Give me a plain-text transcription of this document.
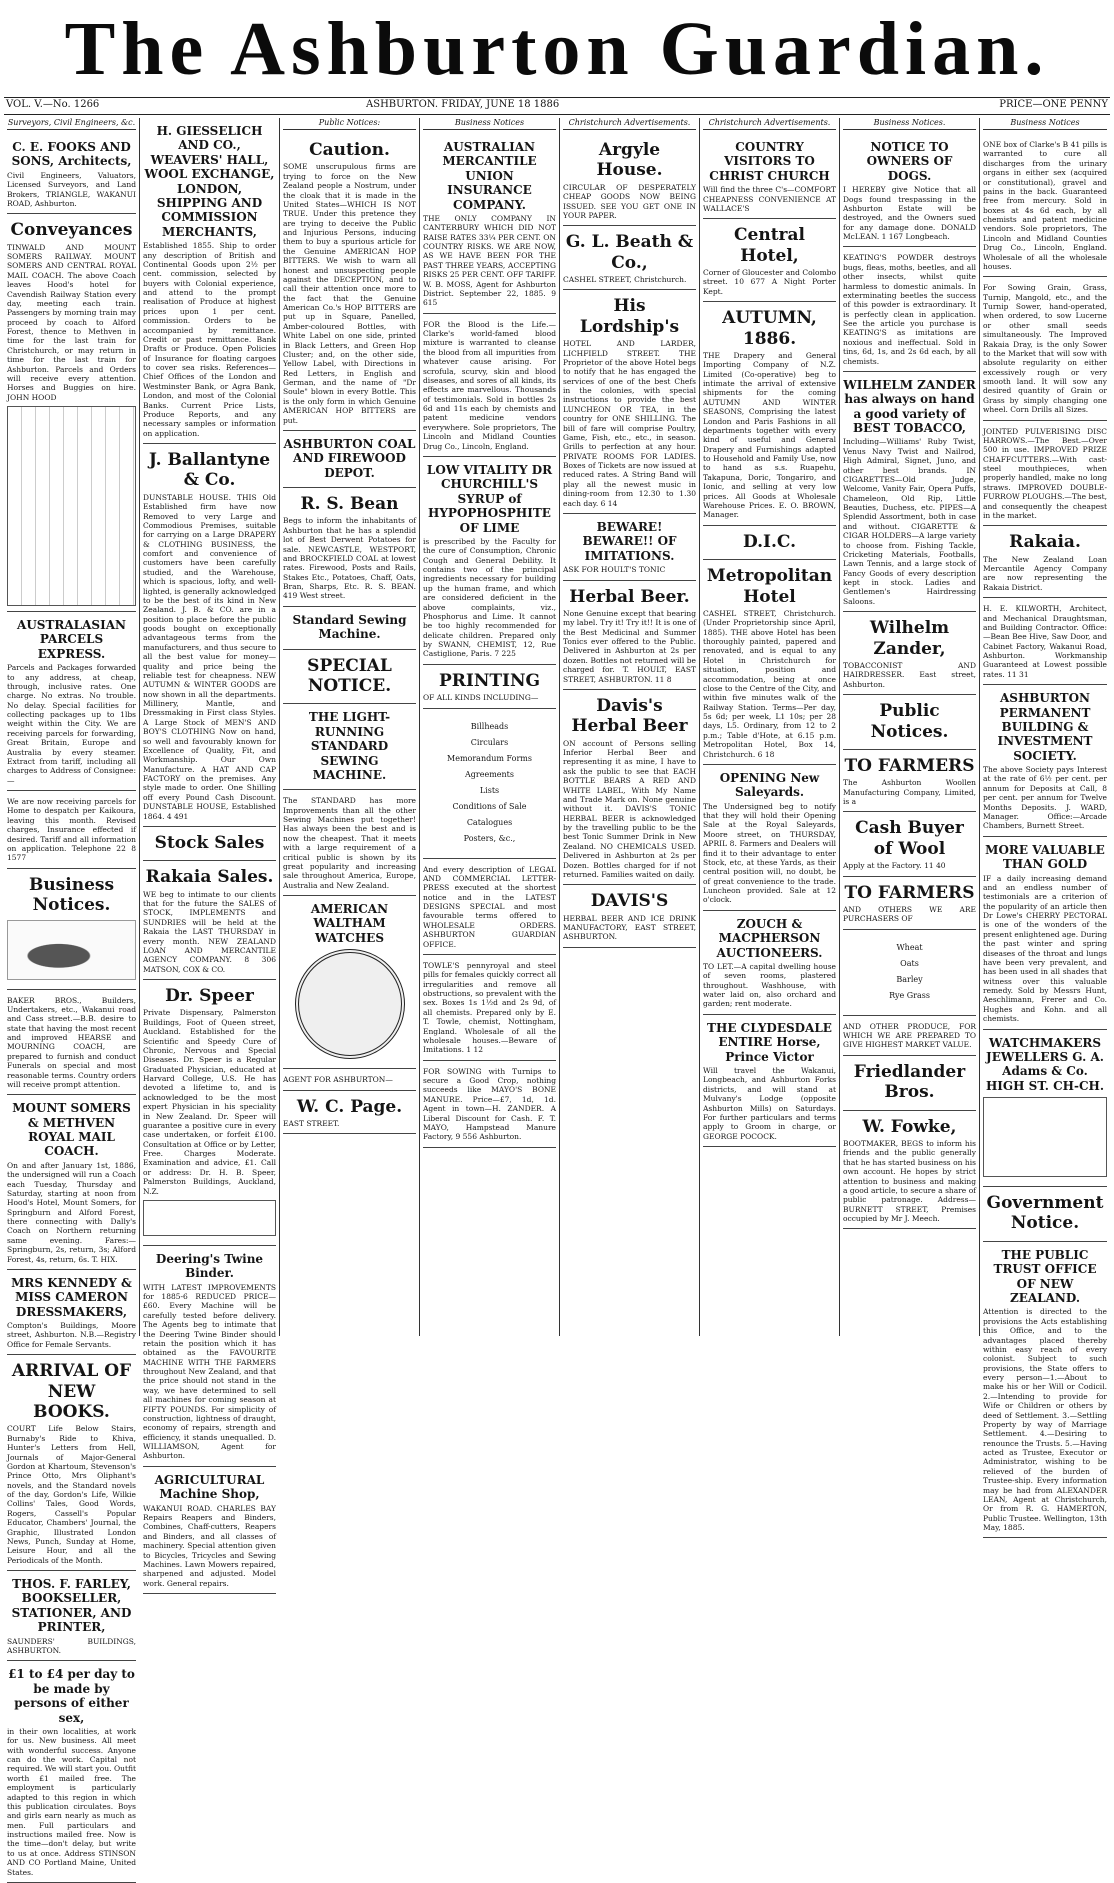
The Ashburton Guardian.
VOL. V.—No. 1266	ASHBURTON. FRIDAY, JUNE 18 1886	PRICE—ONE PENNY
Surveyors, Civil Engineers, &c.
C. E. FOOKS AND SONS, Architects,
Civil Engineers, Valuators, Licensed Surveyors, and Land Brokers, TRIANGLE, WAKANUI ROAD, Ashburton.
Conveyances
TINWALD AND MOUNT SOMERS RAILWAY. MOUNT SOMERS AND CENTRAL ROYAL MAIL COACH. The above Coach leaves Hood's hotel for Cavendish Railway Station every day, meeting each train. Passengers by morning train may proceed by coach to Alford Forest, thence to Methven in time for the last train for Christchurch, or may return in time for the last train for Ashburton. Parcels and Orders will receive every attention. Horses and Buggies on hire. JOHN HOOD
AUSTRALASIAN PARCELS EXPRESS.
Parcels and Packages forwarded to any address, at cheap, through, inclusive rates. One charge. No extras. No trouble. No delay. Special facilities for collecting packages up to 1lbs weight within the City. We are receiving parcels for forwarding, Great Britain, Europe and Australia by every steamer. Extract from tariff, including all charges to Address of Consignee:—
We are now receiving parcels for Home to despatch per Kaikoura, leaving this month. Revised charges, Insurance effected if desired. Tariff and all information on application. Telephone 22 8 1577
Business Notices.
BAKER BROS., Builders, Undertakers, etc., Wakanui road and Cass street.—B.B. desire to state that having the most recent and improved HEARSE and MOURNING COACH, are prepared to furnish and conduct Funerals on special and most reasonable terms. Country orders will receive prompt attention.
MOUNT SOMERS & METHVEN ROYAL MAIL COACH.
On and after January 1st, 1886, the undersigned will run a Coach each Tuesday, Thursday and Saturday, starting at noon from Hood's Hotel, Mount Somers, for Springburn and Alford Forest, there connecting with Dally's Coach on Northern returning same evening. Fares:—Springburn, 2s, return, 3s; Alford Forest, 4s, return, 6s. T. HIX.
MRS KENNEDY & MISS CAMERON DRESSMAKERS,
Compton's Buildings, Moore street, Ashburton. N.B.—Registry Office for Female Servants.
ARRIVAL OF NEW BOOKS.
COURT Life Below Stairs, Burnaby's Ride to Khiva, Hunter's Letters from Hell, Journals of Major-General Gordon at Khartoum, Stevenson's Prince Otto, Mrs Oliphant's novels, and the Standard novels of the day, Gordon's Life, Wilkie Collins' Tales, Good Words, Rogers, Cassell's Popular Educator, Chambers' Journal, the Graphic, Illustrated London News, Punch, Sunday at Home, Leisure Hour, and all the Periodicals of the Month.
THOS. F. FARLEY, BOOKSELLER, STATIONER, AND PRINTER,
SAUNDERS' BUILDINGS, ASHBURTON.
£1 to £4 per day to be made by persons of either sex,
in their own localities, at work for us. New business. All meet with wonderful success. Anyone can do the work. Capital not required. We will start you. Outfit worth £1 mailed free. The employment is particularly adapted to this region in which this publication circulates. Boys and girls earn nearly as much as men. Full particulars and instructions mailed free. Now is the time—don't delay, but write to us at once. Address STINSON AND CO Portland Maine, United States.
H. GIESSELICH AND CO., WEAVERS' HALL, WOOL EXCHANGE, LONDON, SHIPPING AND COMMISSION MERCHANTS,
Established 1855. Ship to order any description of British and Continental Goods upon 2½ per cent. commission, selected by buyers with Colonial experience, and attend to the prompt realisation of Produce at highest prices upon 1 per cent. commission. Orders to be accompanied by remittance. Credit or past remittance. Bank Drafts or Produce. Open Policies of Insurance for floating cargoes to cover sea risks. References—Chief Offices of the London and Westminster Bank, or Agra Bank, London, and most of the Colonial Banks. Current Price Lists, Produce Reports, and any necessary samples or information on application.
J. Ballantyne & Co.
DUNSTABLE HOUSE. THIS Old Established firm have now Removed to very Large and Commodious Premises, suitable for carrying on a Large DRAPERY & CLOTHING BUSINESS, the comfort and convenience of customers have been carefully studied, and the Warehouse, which is spacious, lofty, and well-lighted, is generally acknowledged to be the best of its kind in New Zealand. J. B. & CO. are in a position to place before the public goods bought on exceptionally advantageous terms from the manufacturers, and thus secure to all the best value for money—quality and price being the reliable test for cheapness. NEW AUTUMN & WINTER GOODS are now shown in all the departments. Millinery, Mantle, and Dressmaking in First class Styles. A Large Stock of MEN'S AND BOY'S CLOTHING Now on hand, so well and favourably known for Excellence of Quality, Fit, and Workmanship. Our Own Manufacture. A HAT AND CAP FACTORY on the premises. Any style made to order. One Shilling off every Pound Cash Discount. DUNSTABLE HOUSE, Established 1864. 4 491
Stock Sales
Rakaia Sales.
WE beg to intimate to our clients that for the future the SALES of STOCK, IMPLEMENTS and SUNDRIES will be held at the Rakaia the LAST THURSDAY in every month. NEW ZEALAND LOAN AND MERCANTILE AGENCY COMPANY. 8 306 MATSON, COX & CO.
Dr. Speer
Private Dispensary, Palmerston Buildings, Foot of Queen street, Auckland. Established for the Scientific and Speedy Cure of Chronic, Nervous and Special Diseases. Dr. Speer is a Regular Graduated Physician, educated at Harvard College, U.S. He has devoted a lifetime to, and is acknowledged to be the most expert Physician in his speciality in New Zealand. Dr. Speer will guarantee a positive cure in every case undertaken, or forfeit £100. Consultation at Office or by Letter, Free. Charges Moderate. Examination and advice, £1. Call or address: Dr. H. B. Speer, Palmerston Buildings, Auckland, N.Z.
Deering's Twine Binder.
WITH LATEST IMPROVEMENTS for 1885-6 REDUCED PRICE—£60. Every Machine will be carefully tested before delivery. The Agents beg to intimate that the Deering Twine Binder should retain the position which it has obtained as the FAVOURITE MACHINE WITH THE FARMERS throughout New Zealand, and that the price should not stand in the way, we have determined to sell all machines for coming season at FIFTY POUNDS. For simplicity of construction, lightness of draught, economy of repairs, strength and efficiency, it stands unequalled. D. WILLIAMSON, Agent for Ashburton.
AGRICULTURAL Machine Shop,
WAKANUI ROAD. CHARLES BAY Repairs Reapers and Binders, Combines, Chaff-cutters, Reapers and Binders, and all classes of machinery. Special attention given to Bicycles, Tricycles and Sewing Machines. Lawn Mowers repaired, sharpened and adjusted. Model work. General repairs.
Public Notices:
Caution.
SOME unscrupulous firms are trying to force on the New Zealand people a Nostrum, under the cloak that it is made in the United States—WHICH IS NOT TRUE. Under this pretence they are trying to deceive the Public and Injurious Persons, inducing them to buy a spurious article for the Genuine AMERICAN HOP BITTERS. We wish to warn all honest and unsuspecting people against the DECEPTION, and to call their attention once more to the fact that the Genuine American Co.'s HOP BITTERS are put up in Square, Panelled, Amber-coloured Bottles, with White Label on one side, printed in Black Letters, and Green Hop Cluster; and, on the other side, Yellow Label, with Directions in Red Letters, in English and German, and the name of "Dr Soule" blown in every Bottle. This is the only form in which Genuine AMERICAN HOP BITTERS are put.
ASHBURTON COAL AND FIREWOOD DEPOT.
R. S. Bean
Begs to inform the inhabitants of Ashburton that he has a splendid lot of Best Derwent Potatoes for sale. NEWCASTLE, WESTPORT, and BROCKFIELD COAL at lowest rates. Firewood, Posts and Rails, Stakes Etc., Potatoes, Chaff, Oats, Bran, Sharps, Etc. R. S. BEAN. 419 West street.
Standard Sewing Machine.
SPECIAL NOTICE.
THE LIGHT-RUNNING STANDARD SEWING MACHINE.
The STANDARD has more Improvements than all the other Sewing Machines put together! Has always been the best and is now the cheapest. That it meets with a large requirement of a critical public is shown by its great popularity and increasing sale throughout America, Europe, Australia and New Zealand.
AMERICAN WALTHAM WATCHES
AGENT FOR ASHBURTON—
W. C. Page.
EAST STREET.
Business Notices
AUSTRALIAN MERCANTILE UNION INSURANCE COMPANY.
THE ONLY COMPANY IN CANTERBURY WHICH DID NOT RAISE RATES 33¼ PER CENT. ON COUNTRY RISKS. WE ARE NOW, AS WE HAVE BEEN FOR THE PAST THREE YEARS, ACCEPTING RISKS 25 PER CENT. OFF TARIFF. W. B. MOSS, Agent for Ashburton District. September 22, 1885. 9 615
FOR the Blood is the Life.—Clarke's world-famed blood mixture is warranted to cleanse the blood from all impurities from whatever cause arising. For scrofula, scurvy, skin and blood diseases, and sores of all kinds, its effects are marvellous. Thousands of testimonials. Sold in bottles 2s 6d and 11s each by chemists and patent medicine vendors everywhere. Sole proprietors, The Lincoln and Midland Counties Drug Co., Lincoln, England.
LOW VITALITY DR CHURCHILL'S SYRUP of HYPOPHOSPHITE OF LIME
is prescribed by the Faculty for the cure of Consumption, Chronic Cough and General Debility. It contains two of the principal ingredients necessary for building up the human frame, and which are considered deficient in the above complaints, viz., Phosphorus and Lime. It cannot be too highly recommended for delicate children. Prepared only by SWANN, CHEMIST, 12, Rue Castiglione, Paris. 7 225
PRINTING
OF ALL KINDS INCLUDING—
Billheads
Circulars
Memorandum Forms
Agreements
Lists
Conditions of Sale
Catalogues
Posters, &c.,
And every description of LEGAL AND COMMERCIAL LETTER-PRESS executed at the shortest notice and in the LATEST DESIGNS SPECIAL and most favourable terms offered to WHOLESALE ORDERS. ASHBURTON GUARDIAN OFFICE.
TOWLE'S pennyroyal and steel pills for females quickly correct all irregularities and remove all obstructions, so prevalent with the sex. Boxes 1s 1½d and 2s 9d, of all chemists. Prepared only by E. T. Towle, chemist, Nottingham, England. Wholesale of all the wholesale houses.—Beware of Imitations. 1 12
FOR SOWING with Turnips to secure a Good Crop, nothing succeeds like MAYO'S BONE MANURE. Price—£7, 1d, 1d. Agent in town—H. ZANDER. A Liberal Discount for Cash. F. T. MAYO, Hampstead Manure Factory, 9 556 Ashburton.
Christchurch Advertisements.
Argyle House.
CIRCULAR OF DESPERATELY CHEAP GOODS NOW BEING ISSUED. SEE YOU GET ONE IN YOUR PAPER.
G. L. Beath & Co.,
CASHEL STREET, Christchurch.
His Lordship's
HOTEL AND LARDER, LICHFIELD STREET. THE Proprietor of the above Hotel begs to notify that he has engaged the services of one of the best Chefs in the colonies, with special instructions to provide the best LUNCHEON OR TEA, in the country for ONE SHILLING. The bill of fare will comprise Poultry, Game, Fish, etc., etc., in season. Grills to perfection at any hour. PRIVATE ROOMS FOR LADIES. Boxes of Tickets are now issued at reduced rates. A String Band will play all the newest music in dining-room from 12.30 to 1.30 each day. 6 14
BEWARE! BEWARE!! OF IMITATIONS.
ASK FOR HOULT'S TONIC
Herbal Beer.
None Genuine except that bearing my label. Try it! Try it!! It is one of the Best Medicinal and Summer Tonics ever offered to the Public. Delivered in Ashburton at 2s per dozen. Bottles not returned will be charged for. T. HOULT, EAST STREET, ASHBURTON. 11 8
Davis's Herbal Beer
ON account of Persons selling Inferior Herbal Beer and representing it as mine, I have to ask the public to see that EACH BOTTLE BEARS A RED AND WHITE LABEL, With My Name and Trade Mark on. None genuine without it. DAVIS'S TONIC HERBAL BEER is acknowledged by the travelling public to be the best Tonic Summer Drink in New Zealand. NO CHEMICALS USED. Delivered in Ashburton at 2s per Dozen. Bottles charged for if not returned. Families waited on daily.
DAVIS'S
HERBAL BEER AND ICE DRINK MANUFACTORY, EAST STREET, ASHBURTON.
Christchurch Advertisements.
COUNTRY VISITORS TO CHRIST CHURCH
Will find the three C's—COMFORT CHEAPNESS CONVENIENCE AT WALLACE'S
Central Hotel,
Corner of Gloucester and Colombo street. 10 677 A Night Porter Kept.
AUTUMN, 1886.
THE Drapery and General Importing Company of N.Z. Limited (Co-operative) beg to intimate the arrival of extensive shipments for the coming AUTUMN AND WINTER SEASONS, Comprising the latest London and Paris Fashions in all departments together with every kind of useful and General Drapery and Furnishings adapted to Household and Family Use, now to hand as s.s. Ruapehu, Takapuna, Doric, Tongariro, and Ionic, and selling at very low prices. All Goods at Wholesale Warehouse Prices. E. O. BROWN, Manager.
D.I.C.
Metropolitan Hotel
CASHEL STREET, Christchurch. (Under Proprietorship since April, 1885). THE above Hotel has been thoroughly painted, papered and renovated, and is equal to any Hotel in Christchurch for situation, position and accommodation, being at once close to the Centre of the City, and within five minutes walk of the Railway Station. Terms—Per day, 5s 6d; per week, L1 10s; per 28 days, L5. Ordinary, from 12 to 2 p.m.; Table d'Hote, at 6.15 p.m. Metropolitan Hotel, Box 14, Christchurch. 6 18
OPENING New Saleyards.
The Undersigned beg to notify that they will hold their Opening Sale at the Royal Saleyards, Moore street, on THURSDAY, APRIL 8. Farmers and Dealers will find it to their advantage to enter Stock, etc, at these Yards, as their central position will, no doubt, be of great convenience to the trade. Luncheon provided. Sale at 12 o'clock.
ZOUCH & MACPHERSON AUCTIONEERS.
TO LET.—A capital dwelling house of seven rooms, plastered throughout. Washhouse, with water laid on, also orchard and garden; rent moderate.
THE CLYDESDALE ENTIRE Horse, Prince Victor
Will travel the Wakanui, Longbeach, and Ashburton Forks districts, and will stand at Mulvany's Lodge (opposite Ashburton Mills) on Saturdays. For further particulars and terms apply to Groom in charge, or GEORGE POCOCK.
Business Notices.
NOTICE TO OWNERS OF DOGS.
I HEREBY give Notice that all Dogs found trespassing in the Ashburton Estate will be destroyed, and the Owners sued for any damage done. DONALD McLEAN. 1 167 Longbeach.
KEATING'S POWDER destroys bugs, fleas, moths, beetles, and all other insects, whilst quite harmless to domestic animals. In exterminating beetles the success of this powder is extraordinary. It is perfectly clean in application. See the article you purchase is KEATING'S as imitations are noxious and ineffectual. Sold in tins, 6d, 1s, and 2s 6d each, by all chemists.
WILHELM ZANDER has always on hand a good variety of BEST TOBACCO,
Including—Williams' Ruby Twist, Venus Navy Twist and Nailrod, High Admiral, Signet, Juno, and other best brands. IN CIGARETTES—Old Judge, Welcome, Vanity Fair, Opera Puffs, Chameleon, Old Rip, Little Beauties, Duchess, etc. PIPES—A Splendid Assortment, both in case and without. CIGARETTE & CIGAR HOLDERS—A large variety to choose from. Fishing Tackle, Cricketing Materials, Footballs, Lawn Tennis, and a large stock of Fancy Goods of every description kept in stock. Ladies and Gentlemen's Hairdressing Saloons.
Wilhelm Zander,
TOBACCONIST AND HAIRDRESSER. East street, Ashburton.
Public Notices.
TO FARMERS
The Ashburton Woollen Manufacturing Company, Limited, is a
Cash Buyer of Wool
Apply at the Factory. 11 40
TO FARMERS
AND OTHERS WE ARE PURCHASERS OF
Wheat
Oats
Barley
Rye Grass
AND OTHER PRODUCE, FOR WHICH WE ARE PREPARED TO GIVE HIGHEST MARKET VALUE.
Friedlander Bros.
W. Fowke,
BOOTMAKER, BEGS to inform his friends and the public generally that he has started business on his own account. He hopes by strict attention to business and making a good article, to secure a share of public patronage. Address—BURNETT STREET, Premises occupied by Mr J. Meech.
Business Notices
ONE box of Clarke's B 41 pills is warranted to cure all discharges from the urinary organs in either sex (acquired or constitutional), gravel and pains in the back. Guaranteed free from mercury. Sold in boxes at 4s 6d each, by all chemists and patent medicine vendors. Sole proprietors, The Lincoln and Midland Counties Drug Co., Lincoln, England. Wholesale of all the wholesale houses.
For Sowing Grain, Grass, Turnip, Mangold, etc., and the Turnip Sower, hand-operated, when ordered, to sow Lucerne or other small seeds simultaneously. The Improved Rakaia Dray, is the only Sower to the Market that will sow with absolute regularity on either excessively rough or very smooth land. It will sow any desired quantity of Grain or Grass by simply changing one wheel. Corn Drills all Sizes.
JOINTED PULVERISING DISC HARROWS.—The Best.—Over 500 in use. IMPROVED PRIZE CHAFFCUTTERS.—With cast-steel mouthpieces, when properly handled, make no long straws. IMPROVED DOUBLE-FURROW PLOUGHS.—The best, and consequently the cheapest in the market.
Rakaia.
The New Zealand Loan Mercantile Agency Company are now representing the Rakaia District.
H. E. KILWORTH, Architect, and Mechanical Draughtsman, and Building Contractor. Office:—Bean Bee Hive, Saw Door, and Cabinet Factory, Wakanui Road, Ashburton. Workmanship Guaranteed at Lowest possible rates. 11 31
ASHBURTON PERMANENT BUILDING & INVESTMENT SOCIETY.
The above Society pays Interest at the rate of 6½ per cent. per annum for Deposits at Call, 8 per cent. per annum for Twelve Months Deposits. J. WARD, Manager. Office:—Arcade Chambers, Burnett Street.
MORE VALUABLE THAN GOLD
IF a daily increasing demand and an endless number of testimonials are a criterion of the popularity of an article then Dr Lowe's CHERRY PECTORAL is one of the wonders of the present enlightened age. During the past winter and spring diseases of the throat and lungs have been very prevalent, and has been used in all shades that witness over this valuable remedy. Sold by Messrs Hunt, Aeschlimann, Frerer and Co. Hughes and Kohn. and all chemists.
WATCHMAKERS JEWELLERS G. A. Adams & Co. HIGH ST. CH-CH.
Government Notice.
THE PUBLIC TRUST OFFICE OF NEW ZEALAND.
Attention is directed to the provisions the Acts establishing this Office, and to the advantages placed thereby within easy reach of every colonist. Subject to such provisions, the State offers to every person—1.—About to make his or her Will or Codicil. 2.—Intending to provide for Wife or Children or others by deed of Settlement. 3.—Settling Property by way of Marriage Settlement. 4.—Desiring to renounce the Trusts. 5.—Having acted as Trustee, Executor or Administrator, wishing to be relieved of the burden of Trustee-ship. Every information may be had from ALEXANDER LEAN, Agent at Christchurch, Or from R. G. HAMERTON, Public Trustee. Wellington, 13th May, 1885.
